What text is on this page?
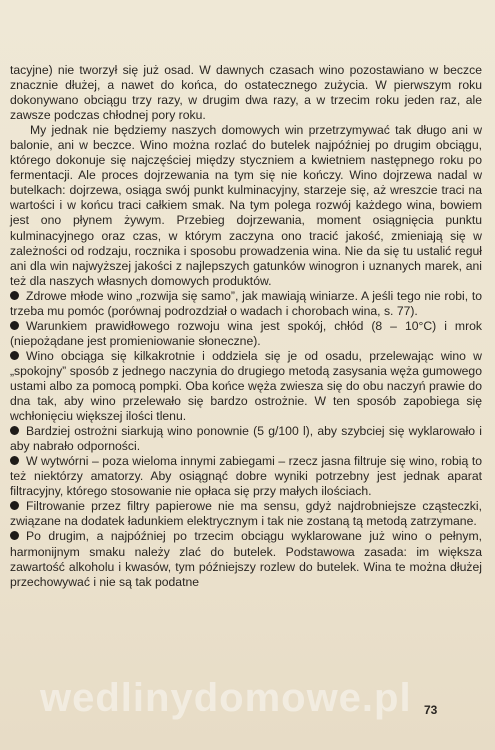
tacyjne) nie tworzył się już osad. W dawnych czasach wino pozostawiano w beczce znacznie dłużej, a nawet do końca, do ostatecznego zużycia. W pierwszym roku dokonywano obciągu trzy razy, w drugim dwa razy, a w trzecim roku jeden raz, ale zawsze podczas chłodnej pory roku.

My jednak nie będziemy naszych domowych win przetrzymywać tak długo ani w balonie, ani w beczce. Wino można rozlać do butelek najpóźniej po drugim obciągu, którego dokonuje się najczęściej między styczniem a kwietniem następnego roku po fermentacji. Ale proces dojrzewania na tym się nie kończy. Wino dojrzewa nadal w butelkach: dojrzewa, osiąga swój punkt kulminacyjny, starzeje się, aż wreszcie traci na wartości i w końcu traci całkiem smak. Na tym polega rozwój każdego wina, bowiem jest ono płynem żywym. Przebieg dojrzewania, moment osiągnięcia punktu kulminacyjnego oraz czas, w którym zaczyna ono tracić jakość, zmieniają się w zależności od rodzaju, rocznika i sposobu prowadzenia wina. Nie da się tu ustalić reguł ani dla win najwyższej jakości z najlepszych gatunków winogron i uznanych marek, ani też dla naszych własnych domowych produktów.

Zdrowe młode wino „rozwija się samo”, jak mawiają winiarze. A jeśli tego nie robi, to trzeba mu pomóc (porównaj podrozdział o wadach i chorobach wina, s. 77).

Warunkiem prawidłowego rozwoju wina jest spokój, chłód (8 – 10°C) i mrok (niepożądane jest promieniowanie słoneczne).

Wino obciąga się kilkakrotnie i oddziela się je od osadu, przelewając wino w „spokojny” sposób z jednego naczynia do drugiego metodą zasysania węża gumowego ustami albo za pomocą pompki. Oba końce węża zwiesza się do obu naczyń prawie do dna tak, aby wino przelewało się bardzo ostrożnie. W ten sposób zapobiega się wchłonięciu większej ilości tlenu.

Bardziej ostrożni siarkują wino ponownie (5 g/100 l), aby szybciej się wyklarowało i aby nabrało odporności.

W wytwórni – poza wieloma innymi zabiegami – rzecz jasna filtruje się wino, robią to też niektórzy amatorzy. Aby osiągnąć dobre wyniki potrzebny jest jednak aparat filtracyjny, którego stosowanie nie opłaca się przy małych ilościach.

Filtrowanie przez filtry papierowe nie ma sensu, gdyż najdrobniejsze cząsteczki, związane na dodatek ładunkiem elektrycznym i tak nie zostaną tą metodą zatrzymane.

Po drugim, a najpóźniej po trzecim obciągu wyklarowane już wino o pełnym, harmonijnym smaku należy zlać do butelek. Podstawowa zasada: im większa zawartość alkoholu i kwasów, tym późniejszy rozlew do butelek. Wina te można dłużej przechowywać i nie są tak podatne

wedlinydomowe.pl	73
